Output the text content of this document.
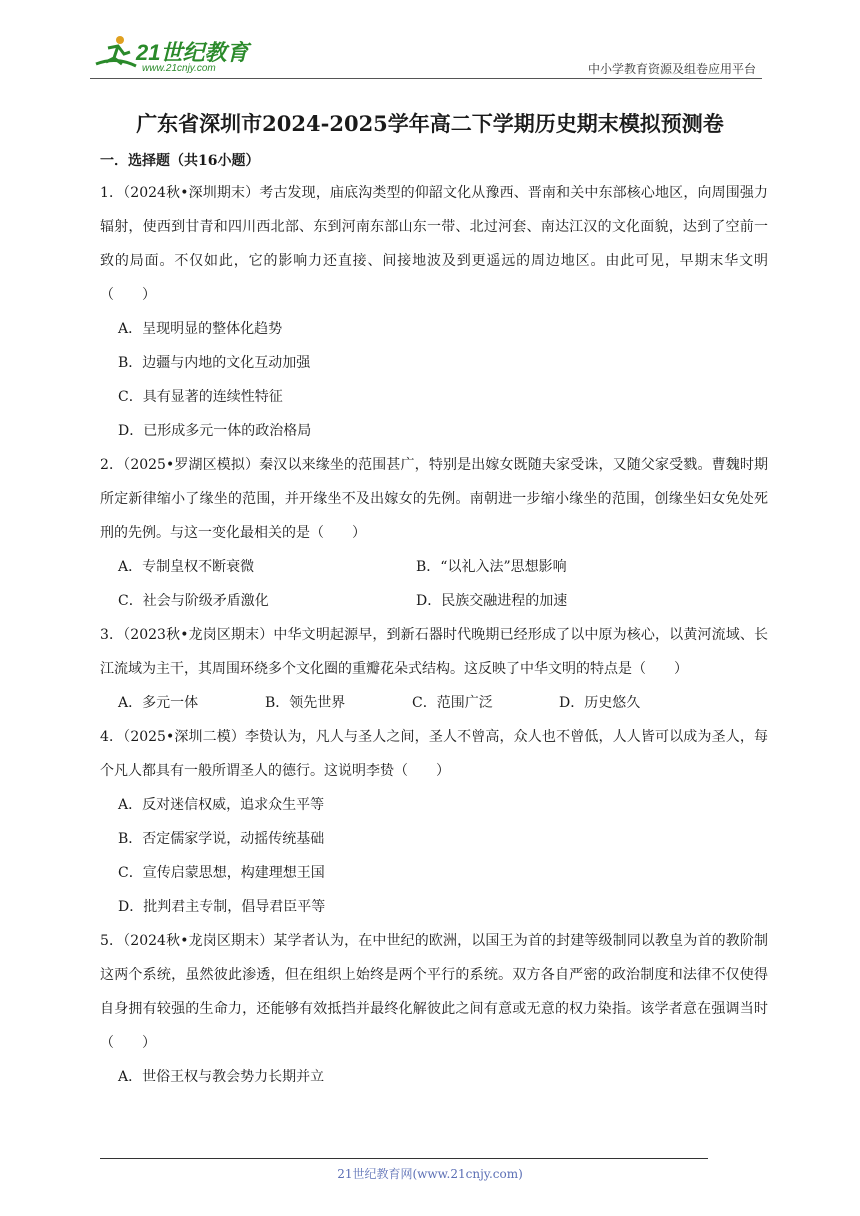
21世纪教育
www.21cnjy.com	中小学教育资源及组卷应用平台
广东省深圳市2024-2025学年高二下学期历史期末模拟预测卷
一．选择题（共16小题）

1．（2024秋•深圳期末）考古发现，庙底沟类型的仰韶文化从豫西、晋南和关中东部核心地区，向周围强力辐射，使西到甘青和四川西北部、东到河南东部山东一带、北过河套、南达江汉的文化面貌，达到了空前一致的局面。不仅如此，它的影响力还直接、间接地波及到更遥远的周边地区。由此可见，早期末华文明（　　）

A．呈现明显的整体化趋势

B．边疆与内地的文化互动加强

C．具有显著的连续性特征

D．已形成多元一体的政治格局

2．（2025•罗湖区模拟）秦汉以来缘坐的范围甚广，特别是出嫁女既随夫家受诛，又随父家受戮。曹魏时期所定新律缩小了缘坐的范围，并开缘坐不及出嫁女的先例。南朝进一步缩小缘坐的范围，创缘坐妇女免处死刑的先例。与这一变化最相关的是（　　）

A．专制皇权不断衰微	B．“以礼入法”思想影响
C．社会与阶级矛盾激化	D．民族交融进程的加速

3．（2023秋•龙岗区期末）中华文明起源早，到新石器时代晚期已经形成了以中原为核心，以黄河流域、长江流域为主干，其周围环绕多个文化圈的重瓣花朵式结构。这反映了中华文明的特点是（　　）

A．多元一体	B．领先世界	C．范围广泛	D．历史悠久

4．（2025•深圳二模）李贽认为，凡人与圣人之间，圣人不曾高，众人也不曾低，人人皆可以成为圣人，每个凡人都具有一般所谓圣人的德行。这说明李贽（　　）

A．反对迷信权威，追求众生平等

B．否定儒家学说，动摇传统基础

C．宣传启蒙思想，构建理想王国

D．批判君主专制，倡导君臣平等

5．（2024秋•龙岗区期末）某学者认为，在中世纪的欧洲，以国王为首的封建等级制同以教皇为首的教阶制这两个系统，虽然彼此渗透，但在组织上始终是两个平行的系统。双方各自严密的政治制度和法律不仅使得自身拥有较强的生命力，还能够有效抵挡并最终化解彼此之间有意或无意的权力染指。该学者意在强调当时（　　）

A．世俗王权与教会势力长期并立

21世纪教育网(www.21cnjy.com)
